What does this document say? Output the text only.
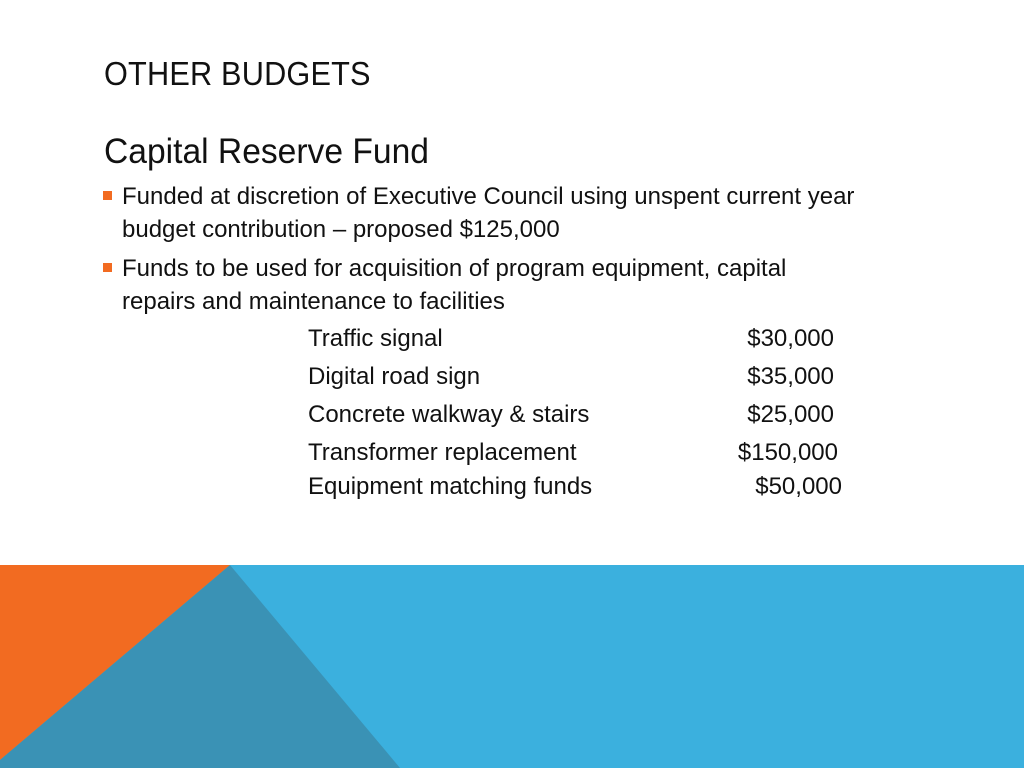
OTHER BUDGETS
Capital Reserve Fund
Funded at discretion of Executive Council using unspent current year budget contribution – proposed $125,000
Funds to be used for acquisition of program equipment, capital repairs and maintenance to facilities
Traffic signal	$30,000
Digital road sign	$35,000
Concrete walkway & stairs	$25,000
Transformer replacement	$150,000
Equipment matching funds	$50,000
